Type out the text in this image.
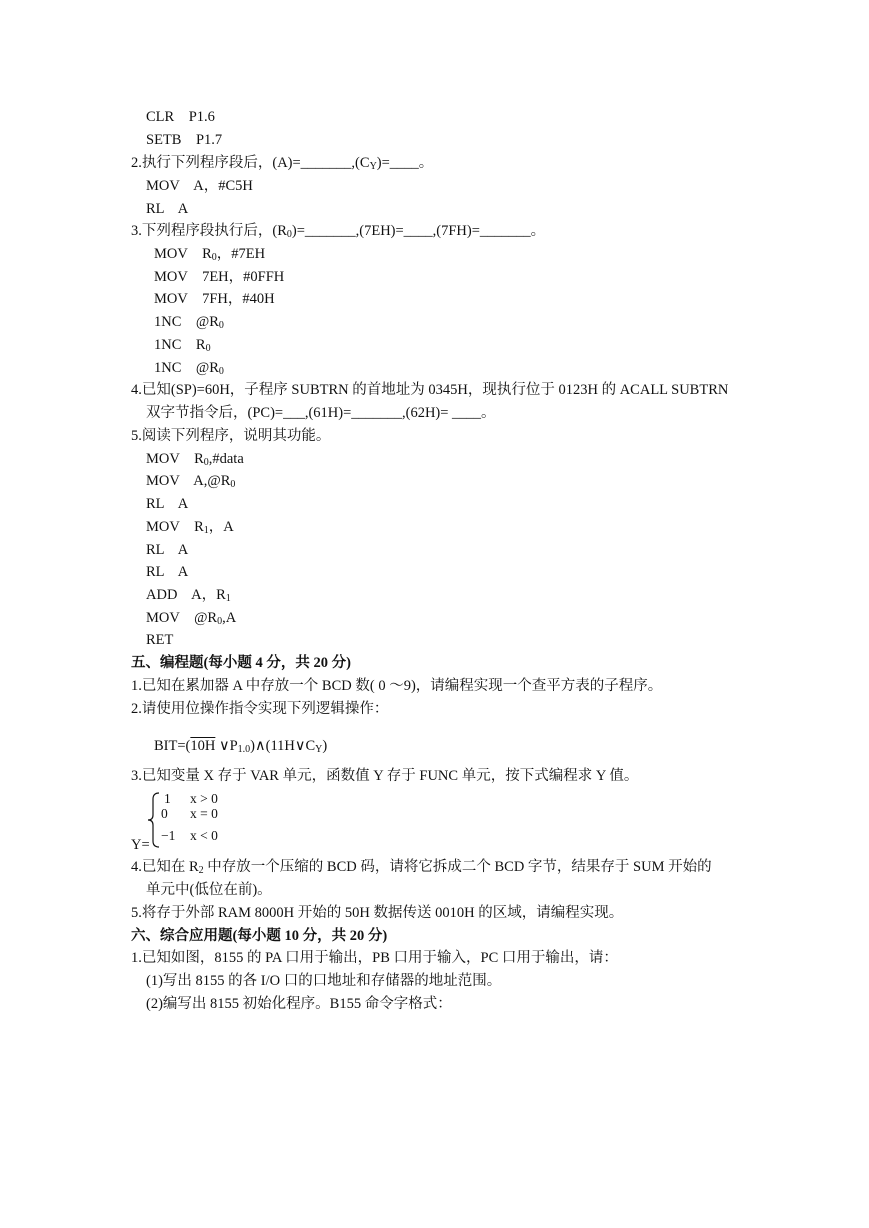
CLR    P1.6
SETB    P1.7
2.执行下列程序段后，$(A)=\_\_\_\_\_\_\_,(C_Y)=\_\_\_\_$。
MOV    A，#C5H
RL    A
3.下列程序段执行后，$(R_0)=\_\_\_\_\_\_\_,(7EH)=\_\_\_\_,(7FH)=\_\_\_\_\_\_\_$。
MOV    $R_0$，#7EH
MOV    7EH，#0FFH
MOV    7FH，#40H
1NC    $@R_0$
1NC    $R_0$
1NC    $@R_0$
4.已知(SP)=60H，子程序 SUBTRN 的首地址为 0345H，现执行位于 0123H 的 ACALL SUBTRN
双字节指令后，(PC)=___,(61H)=_______,(62H)= ____。
5.阅读下列程序，说明其功能。
MOV    $R_0,\#data$
MOV    $A,@R_0$
RL    A
MOV    $R_1$，A
RL    A
RL    A
ADD    A，$R_1$
MOV    $@R_0,A$
RET
五、编程题(每小题 4 分，共 20 分)
1.已知在累加器 A 中存放一个 BCD 数( 0 ～9)，请编程实现一个查平方表的子程序。
2.请使用位操作指令实现下列逻辑操作：
BIT=(10H $\vee P_{1.0})\wedge(11H\vee C_Y)$
3.已知变量 X 存于 VAR 单元，函数值 Y 存于 FUNC 单元，按下式编程求 Y 值。
1 x > 0
0 x = 0
−1 x < 0
Y=
4.已知在 $R_2$ 中存放一个压缩的 BCD 码，请将它拆成二个 BCD 字节，结果存于 SUM 开始的
单元中(低位在前)。
5.将存于外部 RAM 8000H 开始的 50H 数据传送 0010H 的区域，请编程实现。
六、综合应用题(每小题 10 分，共 20 分)
1.已知如图，8155 的 PA 口用于输出，PB 口用于输入，PC 口用于输出，请：
(1)写出 8155 的各 I/O 口的口地址和存储器的地址范围。
(2)编写出 8155 初始化程序。B155 命令字格式：
